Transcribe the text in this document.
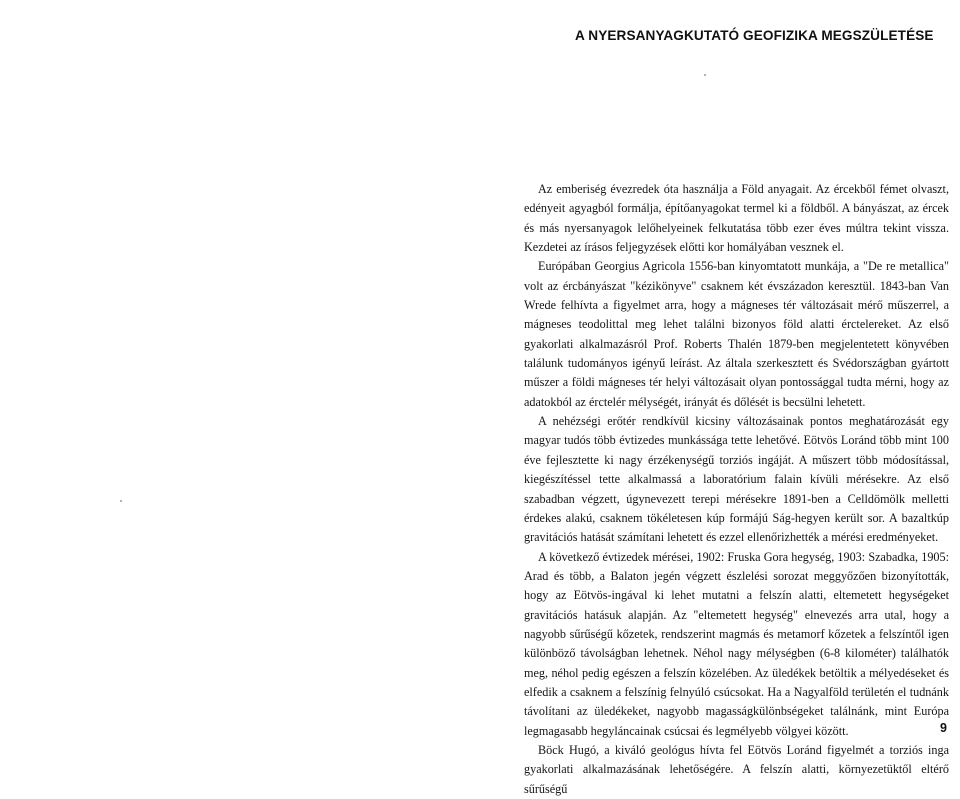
A NYERSANYAGKUTATÓ GEOFIZIKA MEGSZÜLETÉSE

Az emberiség évezredek óta használja a Föld anyagait. Az ércekből fémet olvaszt, edényeit agyagból formálja, építőanyagokat termel ki a földből. A bányászat, az ércek és más nyersanyagok lelőhelyeinek felkutatása több ezer éves múltra tekint vissza. Kezdetei az írásos feljegyzések előtti kor homályában vesznek el.

Európában Georgius Agricola 1556-ban kinyomtatott munkája, a "De re metallica" volt az ércbányászat "kézikönyve" csaknem két évszázadon keresztül. 1843-ban Van Wrede felhívta a figyelmet arra, hogy a mágneses tér változásait mérő műszerrel, a mágneses teodolittal meg lehet találni bizonyos föld alatti érctelereket. Az első gyakorlati alkalmazásról Prof. Roberts Thalén 1879-ben megjelentetett könyvében találunk tudományos igényű leírást. Az általa szerkesztett és Svédországban gyártott műszer a földi mágneses tér helyi változásait olyan pontossággal tudta mérni, hogy az adatokból az érctelér mélységét, irányát és dőlését is becsülni lehetett.

A nehézségi erőtér rendkívül kicsiny változásainak pontos meghatározását egy magyar tudós több évtizedes munkássága tette lehetővé. Eötvös Loránd több mint 100 éve fejlesztette ki nagy érzékenységű torziós ingáját. A műszert több módosítással, kiegészítéssel tette alkalmassá a laboratórium falain kívüli mérésekre. Az első szabadban végzett, úgynevezett terepi mérésekre 1891-ben a Celldömölk melletti érdekes alakú, csaknem tökéletesen kúp formájú Ság-hegyen került sor. A bazaltkúp gravitációs hatását számítani lehetett és ezzel ellenőrizhették a mérési eredményeket.

A következő évtizedek mérései, 1902: Fruska Gora hegység, 1903: Szabadka, 1905: Arad és több, a Balaton jegén végzett észlelési sorozat meggyőzően bizonyították, hogy az Eötvös-ingával ki lehet mutatni a felszín alatti, eltemetett hegységeket gravitációs hatásuk alapján. Az "eltemetett hegység" elnevezés arra utal, hogy a nagyobb sűrűségű kőzetek, rendszerint magmás és metamorf kőzetek a felszíntől igen különböző távolságban lehetnek. Néhol nagy mélységben (6-8 kilométer) találhatók meg, néhol pedig egészen a felszín közelében. Az üledékek betöltik a mélyedéseket és elfedik a csaknem a felszínig felnyúló csúcsokat. Ha a Nagyalföld területén el tudnánk távolítani az üledékeket, nagyobb magasságkülönbségeket találnánk, mint Európa legmagasabb hegyláncainak csúcsai és legmélyebb völgyei között.

Böck Hugó, a kiváló geológus hívta fel Eötvös Loránd figyelmét a torziós inga gyakorlati alkalmazásának lehetőségére. A felszín alatti, környezetüktől eltérő sűrűségű

9
